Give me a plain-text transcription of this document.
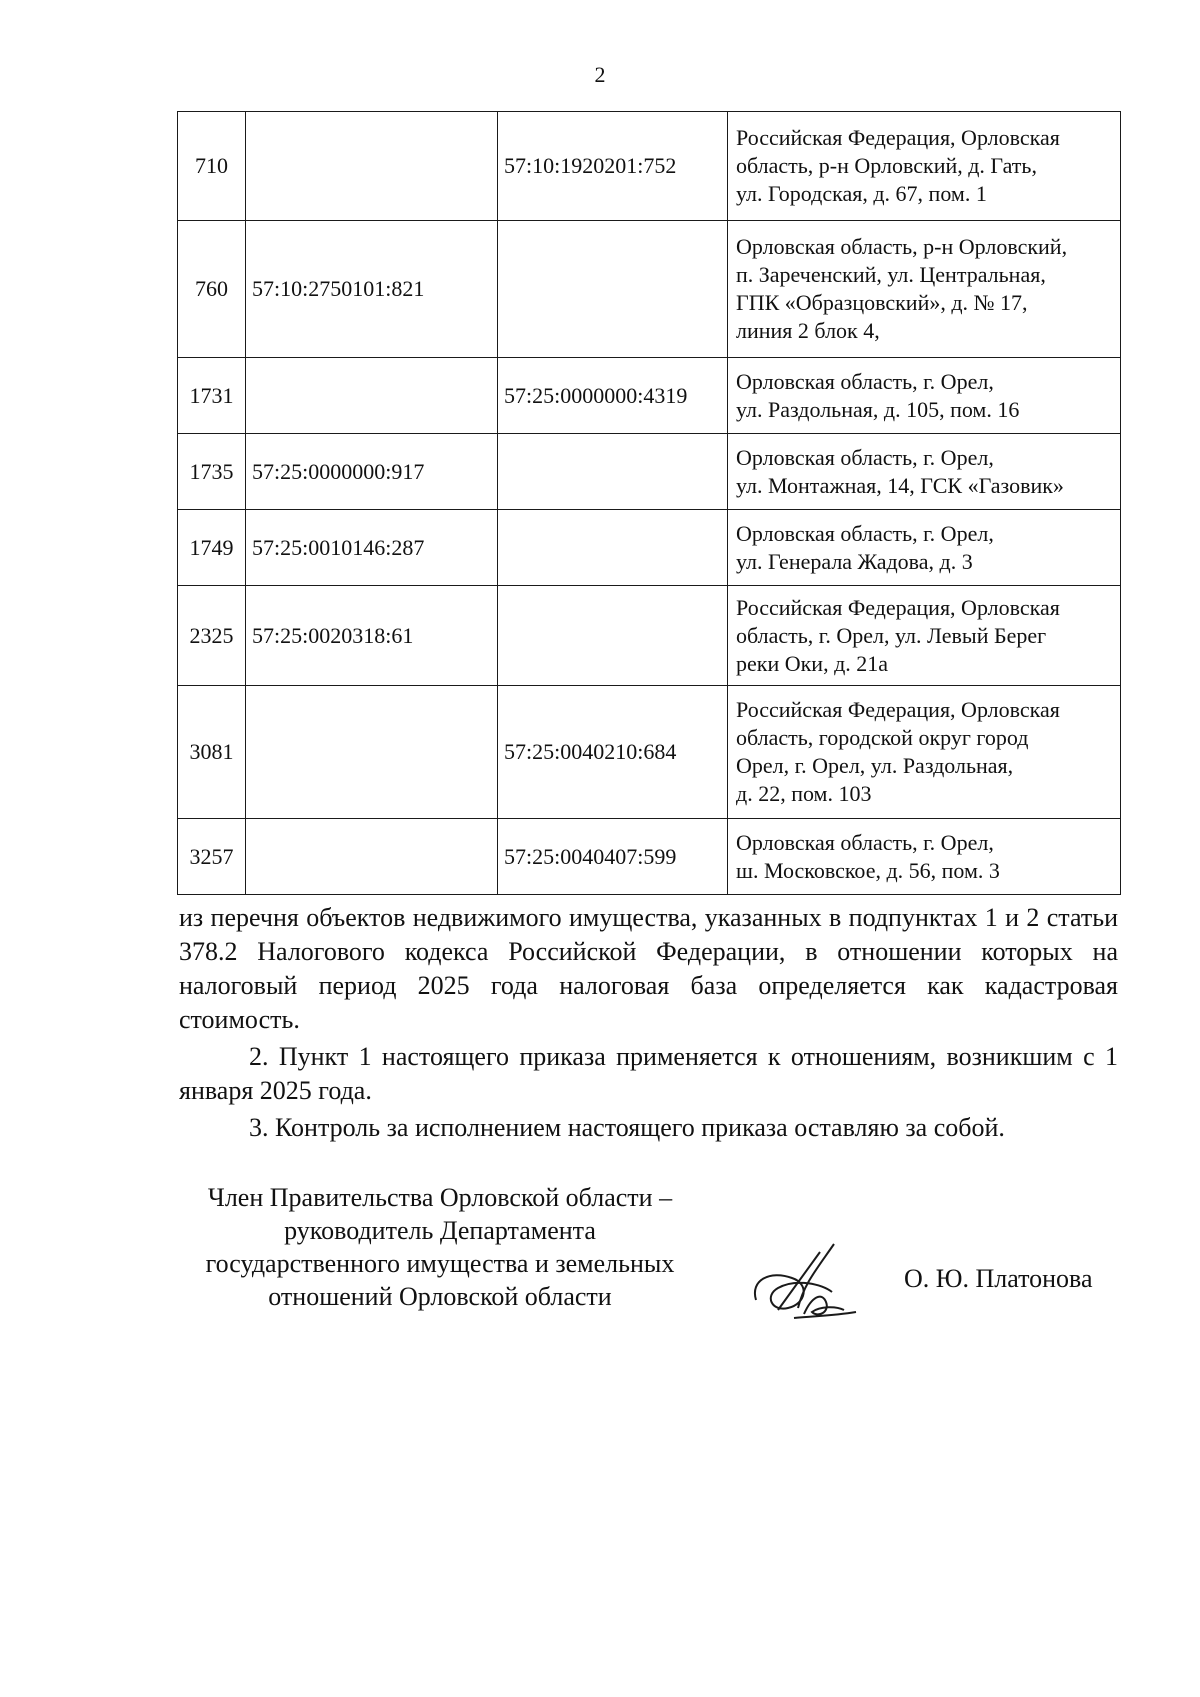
2
710		57:10:1920201:752	Российская Федерация, Орловская
область, р-н Орловский, д. Гать,
ул. Городская, д. 67, пом. 1

760	57:10:2750101:821		Орловская область, р-н Орловский,
п. Зареченский, ул. Центральная,
ГПК «Образцовский», д. № 17,
линия 2 блок 4,

1731		57:25:0000000:4319	Орловская область, г. Орел,
ул. Раздольная, д. 105, пом. 16

1735	57:25:0000000:917		Орловская область, г. Орел,
ул. Монтажная, 14, ГСК «Газовик»

1749	57:25:0010146:287		Орловская область, г. Орел,
ул. Генерала Жадова, д. 3

2325	57:25:0020318:61		Российская Федерация, Орловская
область, г. Орел, ул. Левый Берег
реки Оки, д. 21а

3081		57:25:0040210:684	Российская Федерация, Орловская
область, городской округ город
Орел, г. Орел, ул. Раздольная,
д. 22, пом. 103

3257		57:25:0040407:599	Орловская область, г. Орел,
ш. Московское, д. 56, пом. 3

из перечня объектов недвижимого имущества, указанных в подпунктах 1 и 2 статьи 378.2 Налогового кодекса Российской Федерации, в отношении которых на налоговый период 2025 года налоговая база определяется как кадастровая стоимость.

2. Пункт 1 настоящего приказа применяется к отношениям, возникшим с 1 января 2025 года.

3. Контроль за исполнением настоящего приказа оставляю за собой.

Член Правительства Орловской области –
руководитель Департамента
государственного имущества и земельных
отношений Орловской области
О. Ю. Платонова
